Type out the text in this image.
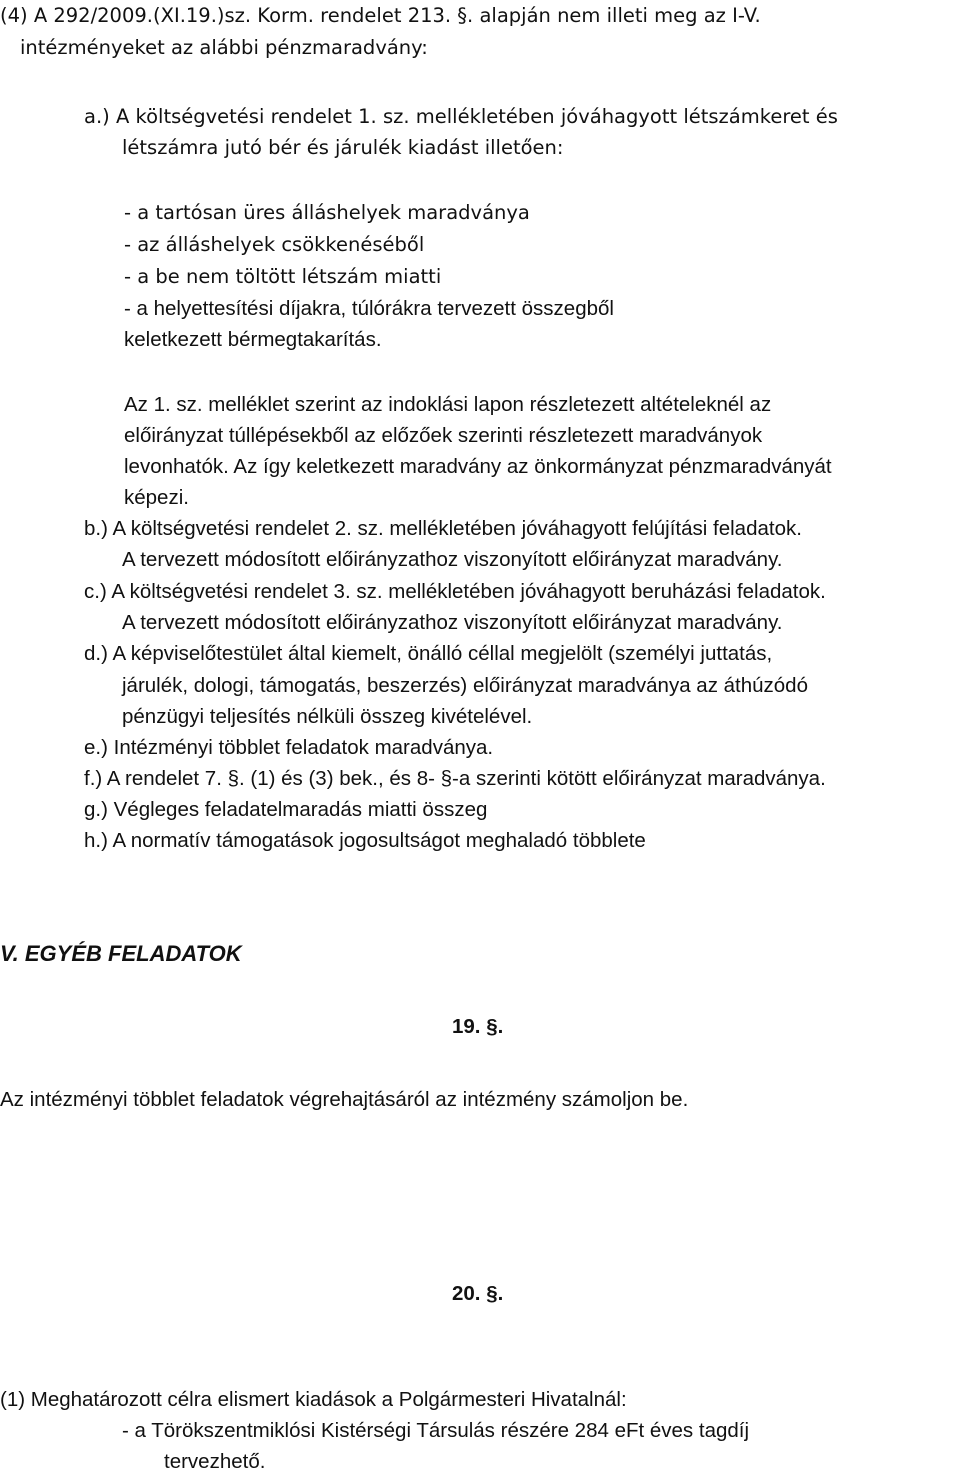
(4) A 292/2009.(XI.19.)sz. Korm. rendelet 213. §. alapján nem illeti meg az I-V.
intézményeket az alábbi pénzmaradvány:
a.) A költségvetési rendelet 1. sz. mellékletében jóváhagyott létszámkeret és
létszámra jutó bér és járulék kiadást illetően:
- a tartósan üres álláshelyek maradványa
- az álláshelyek csökkenéséből
- a be nem töltött létszám miatti
- a helyettesítési díjakra, túlórákra tervezett összegből
keletkezett bérmegtakarítás.
Az 1. sz. melléklet szerint az indoklási lapon részletezett altételeknél az
előirányzat túllépésekből az előzőek szerinti részletezett maradványok
levonhatók. Az így keletkezett maradvány az önkormányzat pénzmaradványát
képezi.
b.) A költségvetési rendelet 2. sz. mellékletében jóváhagyott felújítási feladatok.
A tervezett módosított előirányzathoz viszonyított előirányzat maradvány.
c.) A költségvetési rendelet 3. sz. mellékletében jóváhagyott beruházási feladatok.
A tervezett módosított előirányzathoz viszonyított előirányzat maradvány.
d.) A képviselőtestület által kiemelt, önálló céllal megjelölt (személyi juttatás,
járulék, dologi, támogatás, beszerzés) előirányzat maradványa az áthúzódó
pénzügyi teljesítés nélküli összeg kivételével.
e.) Intézményi többlet feladatok maradványa.
f.) A rendelet 7. §. (1) és (3) bek., és 8- §-a szerinti kötött előirányzat maradványa.
g.) Végleges feladatelmaradás miatti összeg
h.) A normatív támogatások jogosultságot meghaladó többlete
V. EGYÉB FELADATOK
19. §.
Az intézményi többlet feladatok végrehajtásáról az intézmény számoljon be.
20. §.
(1) Meghatározott célra elismert kiadások a Polgármesteri Hivatalnál:
- a Törökszentmiklósi Kistérségi Társulás részére 284 eFt éves tagdíj
tervezhető.
